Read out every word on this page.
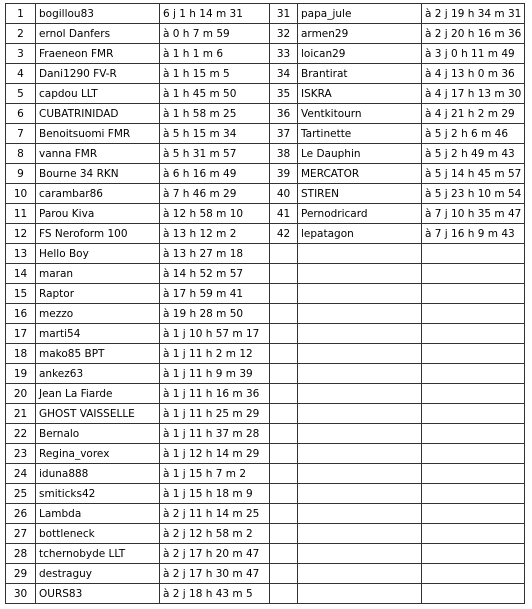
1	bogillou83	6 j 1 h 14 m 31	31	papa_jule	à 2 j 19 h 34 m 31
2	ernol Danfers	à 0 h 7 m 59	32	armen29	à 2 j 20 h 16 m 36
3	Fraeneon FMR	à 1 h 1 m 6	33	loican29	à 3 j 0 h 11 m 49
4	Dani1290 FV-R	à 1 h 15 m 5	34	Brantirat	à 4 j 13 h 0 m 36
5	capdou LLT	à 1 h 45 m 50	35	ISKRA	à 4 j 17 h 13 m 30
6	CUBATRINIDAD	à 1 h 58 m 25	36	Ventkitourn	à 4 j 21 h 2 m 29
7	Benoitsuomi FMR	à 5 h 15 m 34	37	Tartinette	à 5 j 2 h 6 m 46
8	vanna FMR	à 5 h 31 m 57	38	Le Dauphin	à 5 j 2 h 49 m 43
9	Bourne 34 RKN	à 6 h 16 m 49	39	MERCATOR	à 5 j 14 h 45 m 57
10	carambar86	à 7 h 46 m 29	40	STIREN	à 5 j 23 h 10 m 54
11	Parou Kiva	à 12 h 58 m 10	41	Pernodricard	à 7 j 10 h 35 m 47
12	FS Neroform 100	à 13 h 12 m 2	42	lepatagon	à 7 j 16 h 9 m 43
13	Hello Boy	à 13 h 27 m 18			
14	maran	à 14 h 52 m 57			
15	Raptor	à 17 h 59 m 41			
16	mezzo	à 19 h 28 m 50			
17	marti54	à 1 j 10 h 57 m 17			
18	mako85 BPT	à 1 j 11 h 2 m 12			
19	ankez63	à 1 j 11 h 9 m 39			
20	Jean La Fiarde	à 1 j 11 h 16 m 36			
21	GHOST VAISSELLE	à 1 j 11 h 25 m 29			
22	Bernalo	à 1 j 11 h 37 m 28			
23	Regina_vorex	à 1 j 12 h 14 m 29			
24	iduna888	à 1 j 15 h 7 m 2			
25	smiticks42	à 1 j 15 h 18 m 9			
26	Lambda	à 2 j 11 h 14 m 25			
27	bottleneck	à 2 j 12 h 58 m 2			
28	tchernobyde LLT	à 2 j 17 h 20 m 47			
29	destraguy	à 2 j 17 h 30 m 47			
30	OURS83	à 2 j 18 h 43 m 5			
